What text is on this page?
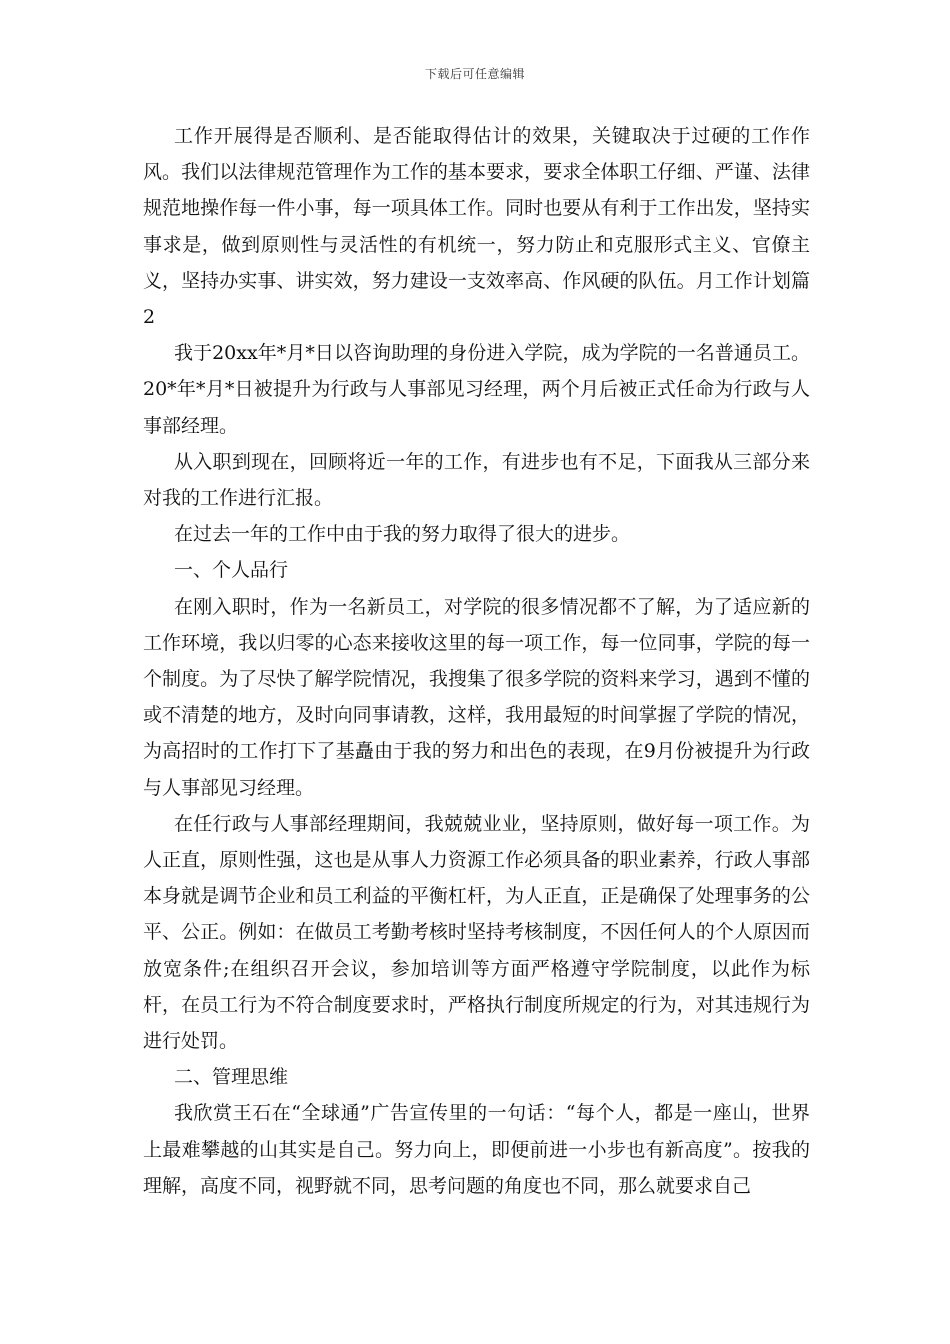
下载后可任意编辑

工作开展得是否顺利、是否能取得估计的效果，关键取决于过硬的工作作风。我们以法律规范管理作为工作的基本要求，要求全体职工仔细、严谨、法律规范地操作每一件小事，每一项具体工作。同时也要从有利于工作出发，坚持实事求是，做到原则性与灵活性的有机统一，努力防止和克服形式主义、官僚主义，坚持办实事、讲实效，努力建设一支效率高、作风硬的队伍。月工作计划篇2

我于20xx年*月*日以咨询助理的身份进入学院，成为学院的一名普通员工。20*年*月*日被提升为行政与人事部见习经理，两个月后被正式任命为行政与人事部经理。

从入职到现在，回顾将近一年的工作，有进步也有不足，下面我从三部分来对我的工作进行汇报。

在过去一年的工作中由于我的努力取得了很大的进步。

一、个人品行

在刚入职时，作为一名新员工，对学院的很多情况都不了解，为了适应新的工作环境，我以归零的心态来接收这里的每一项工作，每一位同事，学院的每一个制度。为了尽快了解学院情况，我搜集了很多学院的资料来学习，遇到不懂的或不清楚的地方，及时向同事请教，这样，我用最短的时间掌握了学院的情况，为高招时的工作打下了基矗由于我的努力和出色的表现，在9月份被提升为行政与人事部见习经理。

在任行政与人事部经理期间，我兢兢业业，坚持原则，做好每一项工作。为人正直，原则性强，这也是从事人力资源工作必须具备的职业素养，行政人事部本身就是调节企业和员工利益的平衡杠杆，为人正直，正是确保了处理事务的公平、公正。例如：在做员工考勤考核时坚持考核制度，不因任何人的个人原因而放宽条件;在组织召开会议，参加培训等方面严格遵守学院制度，以此作为标杆，在员工行为不符合制度要求时，严格执行制度所规定的行为，对其违规行为进行处罚。

二、管理思维

我欣赏王石在“全球通”广告宣传里的一句话：“每个人，都是一座山，世界上最难攀越的山其实是自己。努力向上，即便前进一小步也有新高度”。按我的理解，高度不同，视野就不同，思考问题的角度也不同，那么就要求自己
